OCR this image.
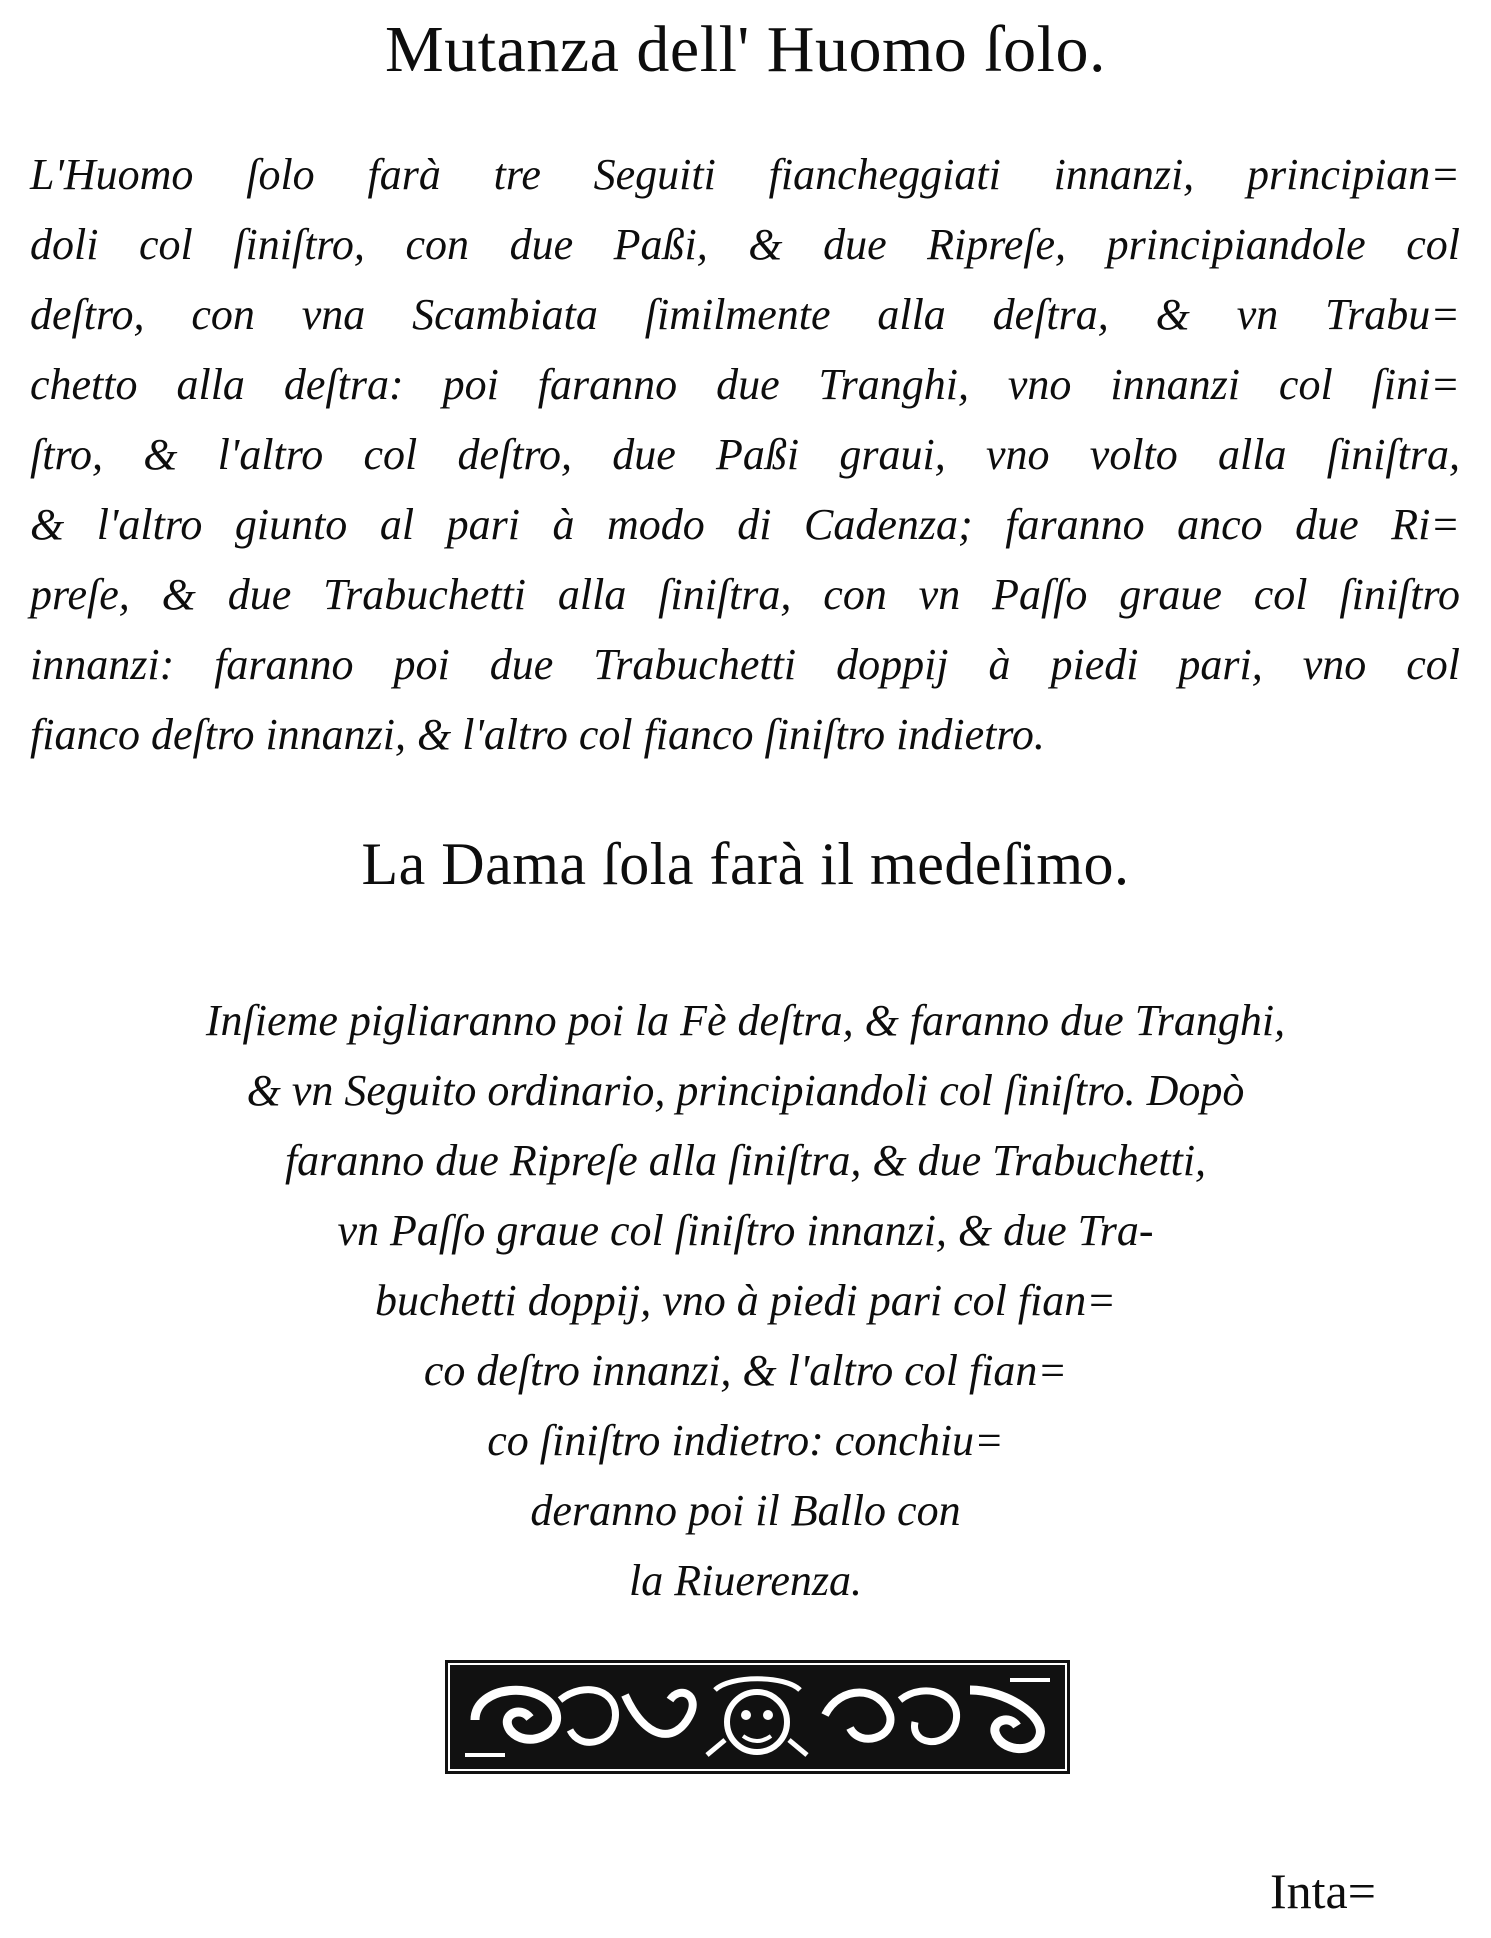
Mutanza dell' Huomo ſolo.
L'Huomo ſolo farà tre Seguiti fiancheggiati innanzi, principian=
doli col ſiniſtro, con due Paßi, & due Ripreſe, principiandole col
deſtro, con vna Scambiata ſimilmente alla deſtra, & vn Trabu=
chetto alla deſtra: poi faranno due Tranghi, vno innanzi col ſini=
ſtro, & l'altro col deſtro, due Paßi graui, vno volto alla ſiniſtra,
& l'altro giunto al pari à modo di Cadenza; faranno anco due Ri=
preſe, & due Trabuchetti alla ſiniſtra, con vn Paſſo graue col ſiniſtro
innanzi: faranno poi due Trabuchetti doppij à piedi pari, vno col
fianco deſtro innanzi, & l'altro col fianco ſiniſtro indietro.
La Dama ſola farà il medeſimo.
Inſieme pigliaranno poi la Fè deſtra, & faranno due Tranghi,
& vn Seguito ordinario, principiandoli col ſiniſtro. Dopò
faranno due Ripreſe alla ſiniſtra, & due Trabuchetti,
vn Paſſo graue col ſiniſtro innanzi, & due Tra-
buchetti doppij, vno à piedi pari col fian=
co deſtro innanzi, & l'altro col fian=
co ſiniſtro indietro: conchiu=
deranno poi il Ballo con
la Riuerenza.
Inta=
